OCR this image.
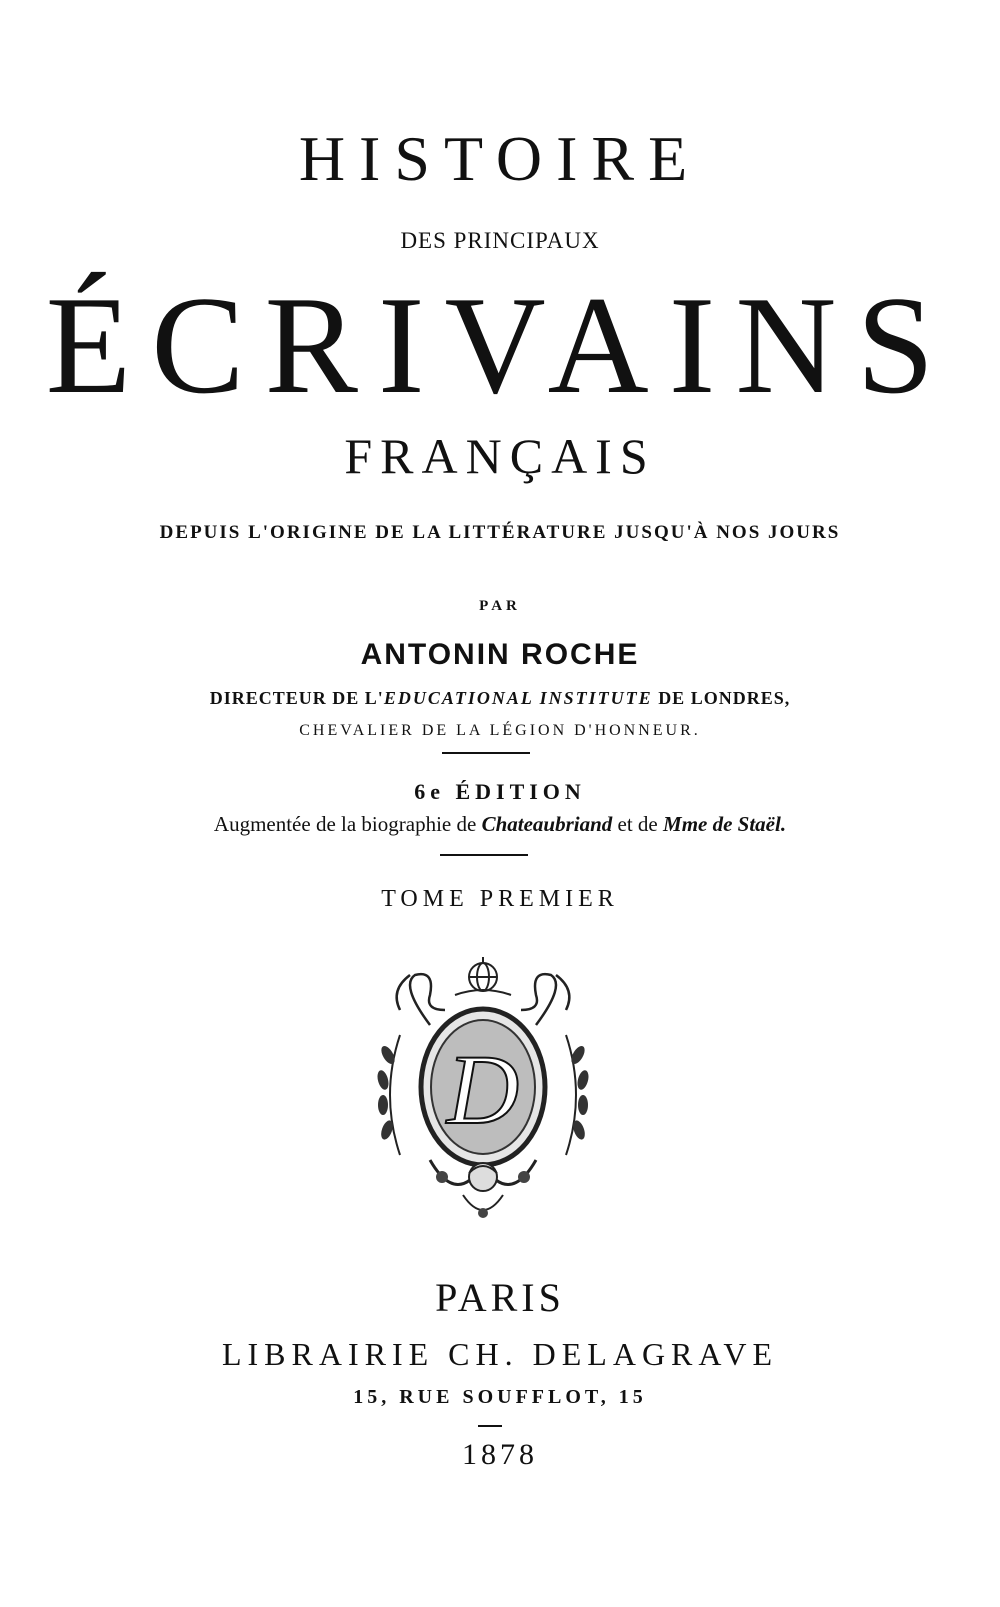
HISTOIRE
DES PRINCIPAUX
ÉCRIVAINS
FRANÇAIS
DEPUIS L'ORIGINE DE LA LITTÉRATURE JUSQU'À NOS JOURS
PAR
ANTONIN ROCHE
DIRECTEUR DE L'EDUCATIONAL INSTITUTE DE LONDRES,
CHEVALIER DE LA LÉGION D'HONNEUR.
6e ÉDITION
Augmentée de la biographie de Chateaubriand et de Mme de Staël.
TOME PREMIER
D
PARIS
LIBRAIRIE CH. DELAGRAVE
15, RUE SOUFFLOT, 15
1878
